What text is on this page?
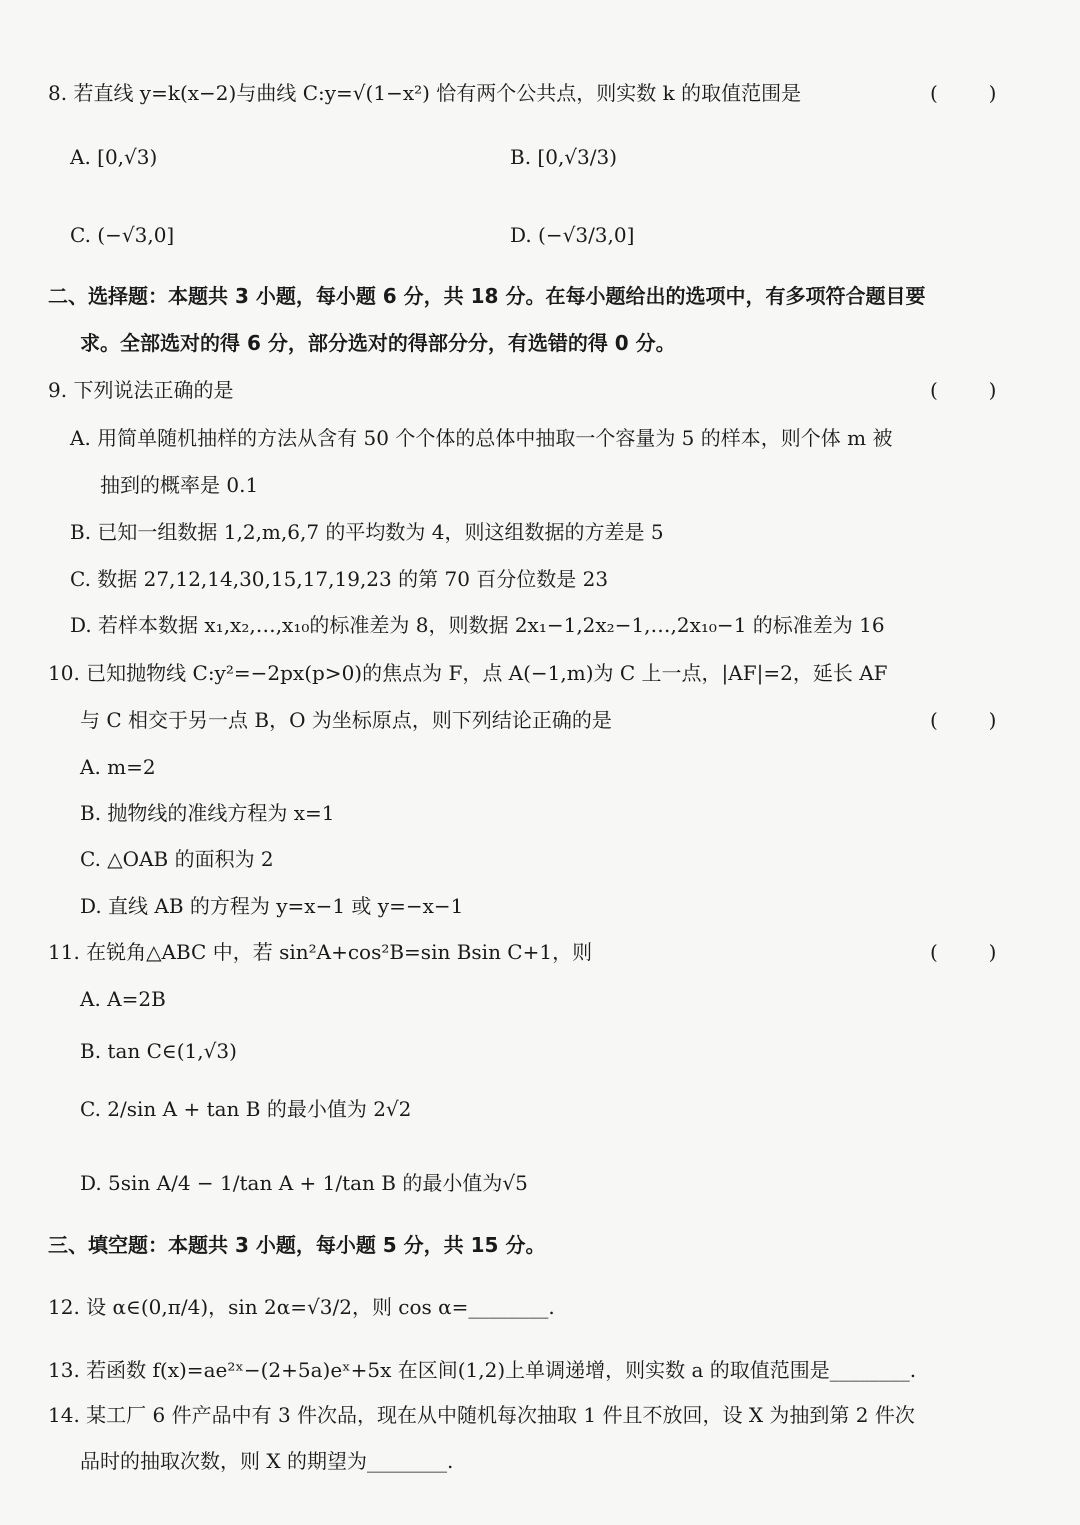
8. 若直线 y=k(x−2)与曲线 C:y=√(1−x²) 恰有两个公共点，则实数 k 的取值范围是	(        )
A. [0,√3)	B. [0,√3/3)
C. (−√3,0]	D. (−√3/3,0]
二、选择题：本题共 3 小题，每小题 6 分，共 18 分。在每小题给出的选项中，有多项符合题目要
求。全部选对的得 6 分，部分选对的得部分分，有选错的得 0 分。
9. 下列说法正确的是	(        )
A. 用简单随机抽样的方法从含有 50 个个体的总体中抽取一个容量为 5 的样本，则个体 m 被
抽到的概率是 0.1
B. 已知一组数据 1,2,m,6,7 的平均数为 4，则这组数据的方差是 5
C. 数据 27,12,14,30,15,17,19,23 的第 70 百分位数是 23
D. 若样本数据 x₁,x₂,…,x₁₀的标准差为 8，则数据 2x₁−1,2x₂−1,…,2x₁₀−1 的标准差为 16
10. 已知抛物线 C:y²=−2px(p>0)的焦点为 F，点 A(−1,m)为 C 上一点，|AF|=2，延长 AF
与 C 相交于另一点 B，O 为坐标原点，则下列结论正确的是	(        )
A. m=2
B. 抛物线的准线方程为 x=1
C. △OAB 的面积为 2
D. 直线 AB 的方程为 y=x−1 或 y=−x−1
11. 在锐角△ABC 中，若 sin²A+cos²B=sin Bsin C+1，则	(        )
A. A=2B
B. tan C∈(1,√3)
C. 2/sin A + tan B 的最小值为 2√2
D. 5sin A/4 − 1/tan A + 1/tan B 的最小值为√5
三、填空题：本题共 3 小题，每小题 5 分，共 15 分。
12. 设 α∈(0,π/4)，sin 2α=√3/2，则 cos α=________.
13. 若函数 f(x)=ae²ˣ−(2+5a)eˣ+5x 在区间(1,2)上单调递增，则实数 a 的取值范围是________.
14. 某工厂 6 件产品中有 3 件次品，现在从中随机每次抽取 1 件且不放回，设 X 为抽到第 2 件次
品时的抽取次数，则 X 的期望为________.
